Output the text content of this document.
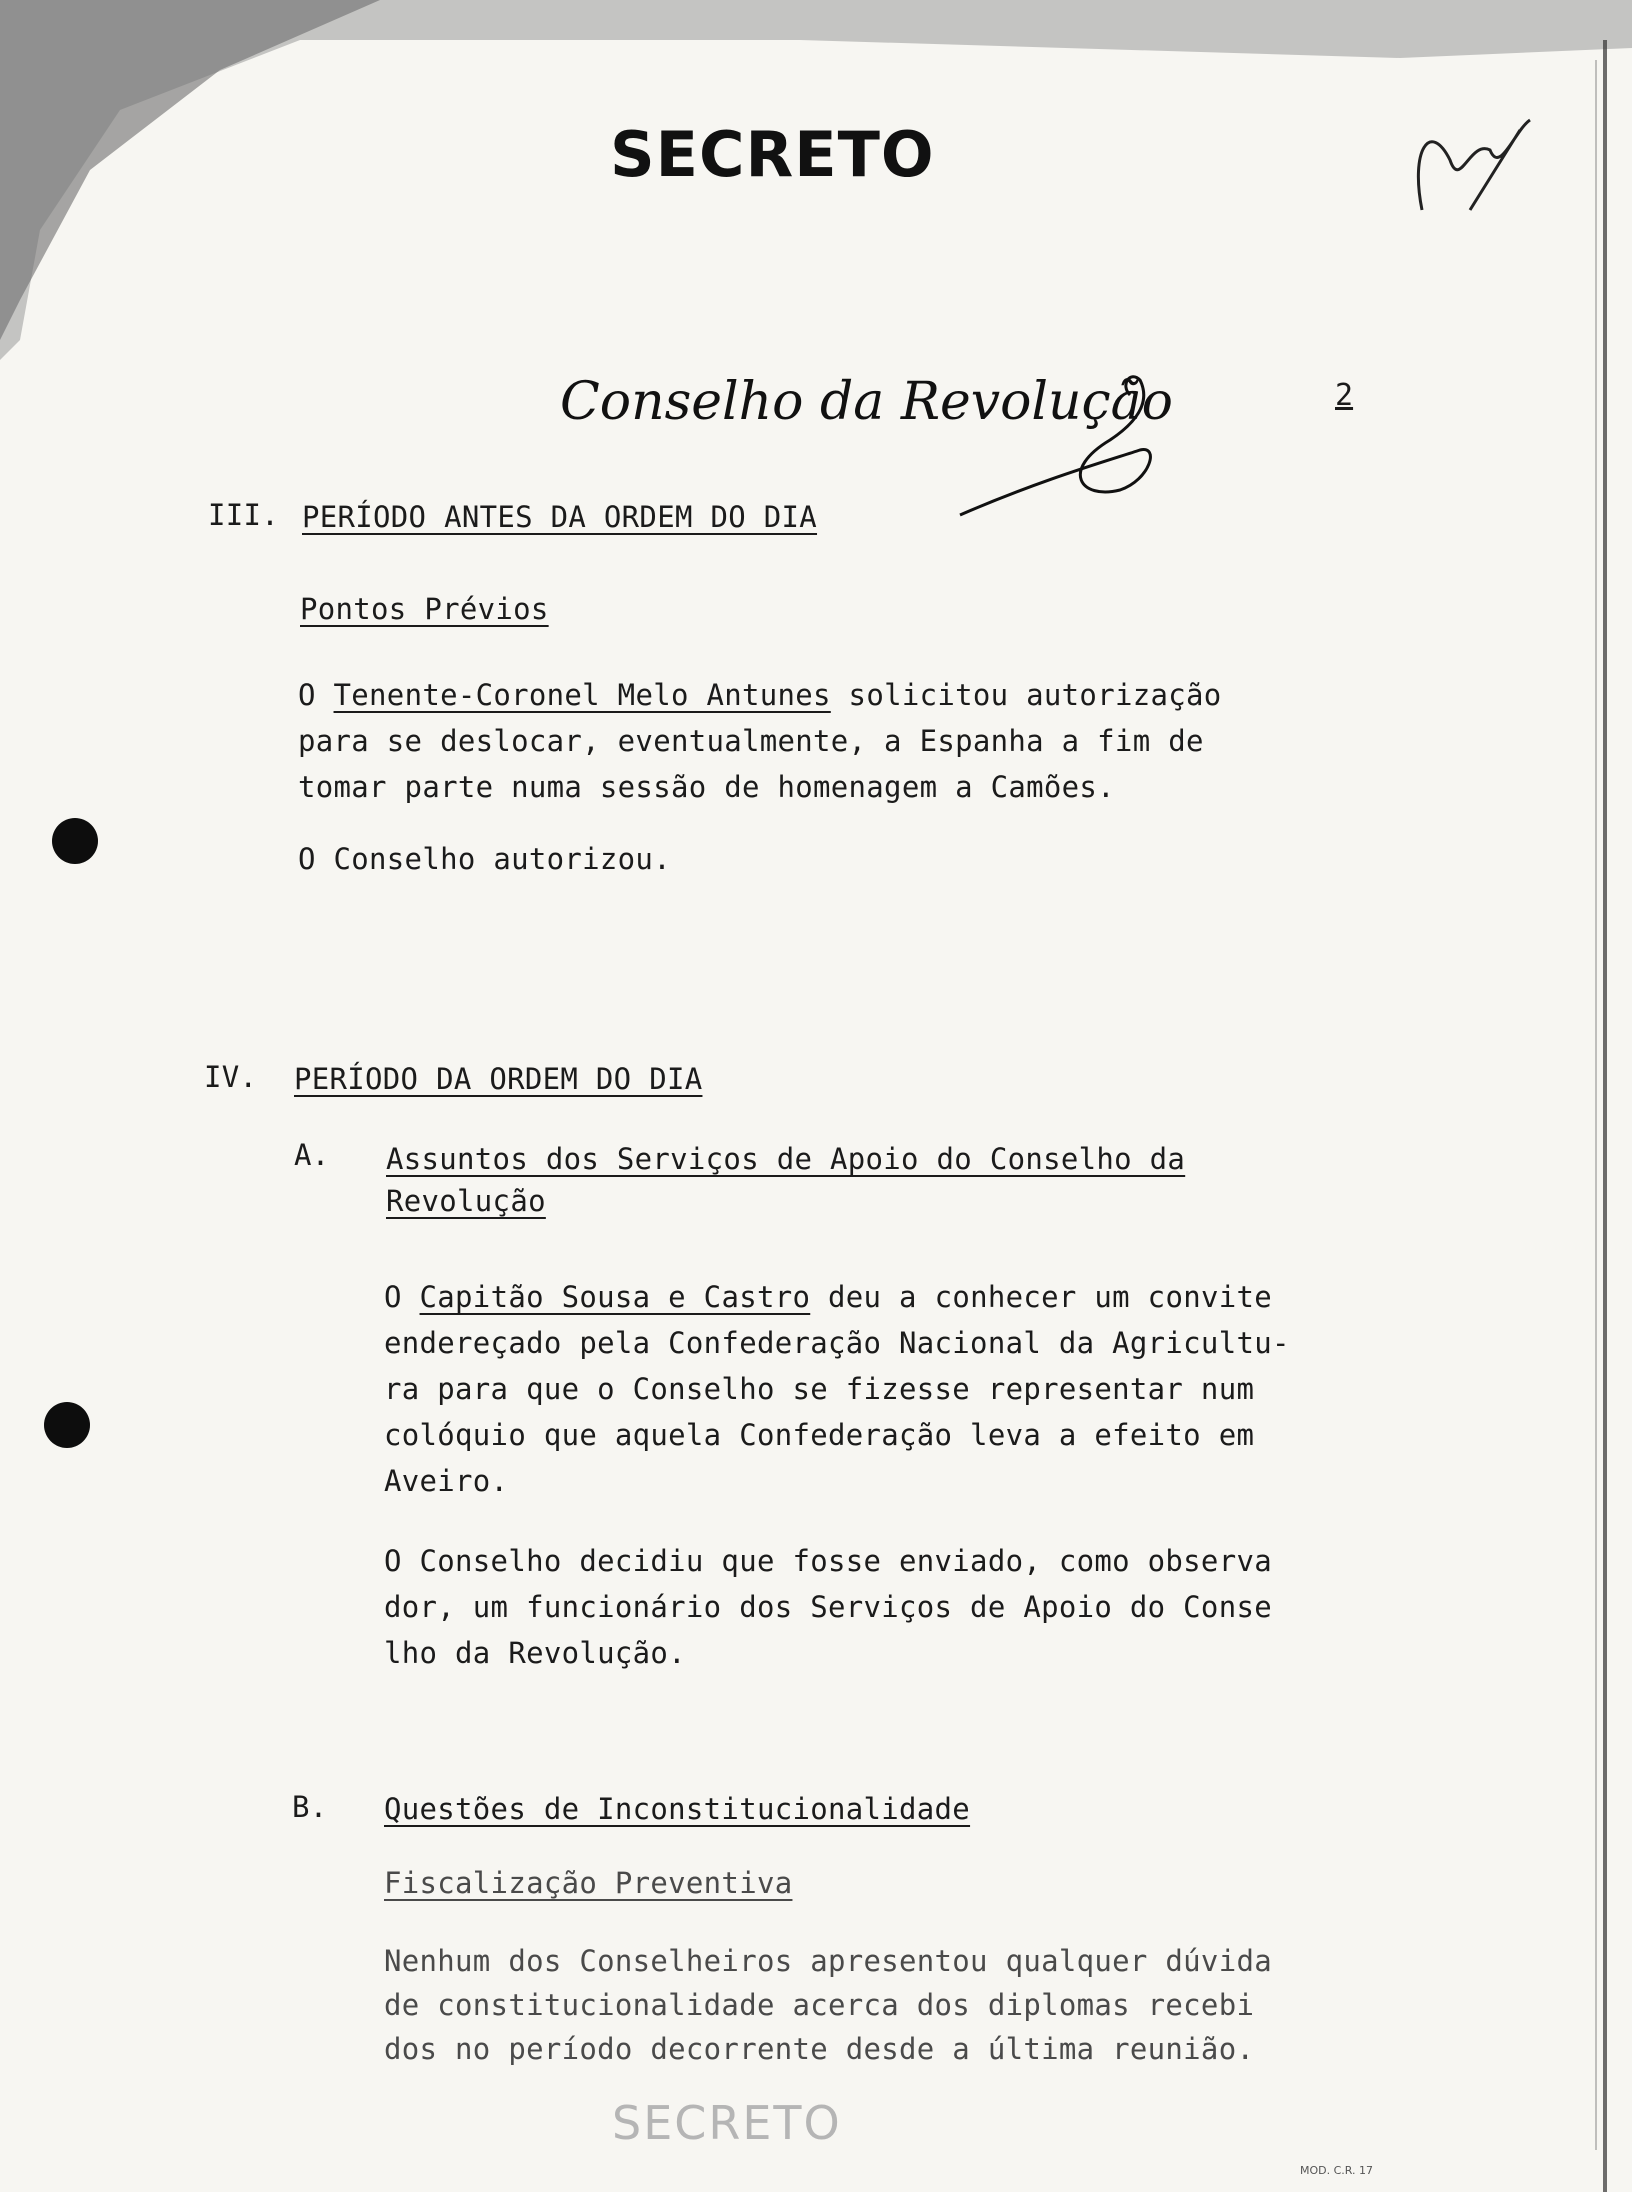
SECRETO
Conselho da Revolução	2
III. PERÍODO ANTES DA ORDEM DO DIA
Pontos Prévios
O Tenente-Coronel Melo Antunes solicitou autorização
para se deslocar, eventualmente, a Espanha a fim de
tomar parte numa sessão de homenagem a Camões.
O Conselho autorizou.
IV. PERÍODO DA ORDEM DO DIA
A. Assuntos dos Serviços de Apoio do Conselho da
Revolução
O Capitão Sousa e Castro deu a conhecer um convite
endereçado pela Confederação Nacional da Agricultu-
ra para que o Conselho se fizesse representar num
colóquio que aquela Confederação leva a efeito em
Aveiro.
O Conselho decidiu que fosse enviado, como observa
dor, um funcionário dos Serviços de Apoio do Conse
lho da Revolução.
B. Questões de Inconstitucionalidade
Fiscalização Preventiva
Nenhum dos Conselheiros apresentou qualquer dúvida
de constitucionalidade acerca dos diplomas recebi
dos no período decorrente desde a última reunião.
SECRETO
MOD. C.R. 17
